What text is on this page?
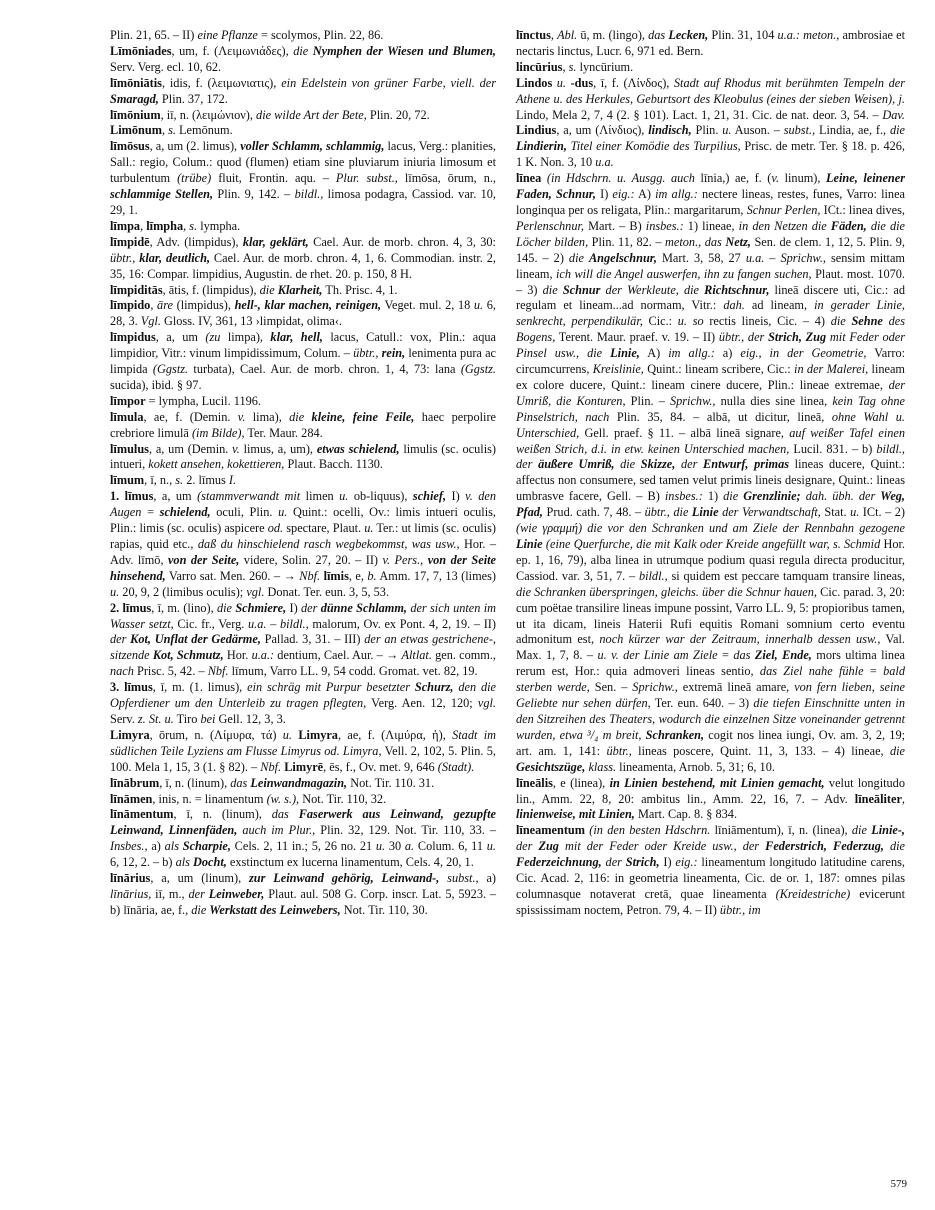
Plin. 21, 65. – II) eine Pflanze = scolymos, Plin. 22, 86.

Līmōniades, um, f. (Λειμωνιάδες), die Nymphen der Wiesen und Blumen, Serv. Verg. ecl. 10, 62.

līmōniātis, idis, f. (λειμωνιατις), ein Edelstein von grüner Farbe, viell. der Smaragd, Plin. 37, 172.

līmōnium, iī, n. (λειμώνιον), die wilde Art der Bete, Plin. 20, 72.

Limōnum, s. Lemōnum.

līmōsus, a, um (2. limus), voller Schlamm, schlammig, lacus, Verg.: planities, Sall.: regio, Colum.: quod (flumen) etiam sine pluviarum iniuria limosum et turbulentum (trübe) fluit, Frontin. aqu. – Plur. subst., līmōsa, ōrum, n., schlammige Stellen, Plin. 9, 142. – bildl., limosa podagra, Cassiod. var. 10, 29, 1.

līmpa, līmpha, s. lympha.

līmpidē, Adv. (limpidus), klar, geklärt, Cael. Aur. de morb. chron. 4, 3, 30: übtr., klar, deutlich, Cael. Aur. de morb. chron. 4, 1, 6. Commodian. instr. 2, 35, 16: Compar. limpidius, Augustin. de rhet. 20. p. 150, 8 H.

līmpiditās, ātis, f. (limpidus), die Klarheit, Th. Prisc. 4, 1.

līmpido, āre (limpidus), hell-, klar machen, reinigen, Veget. mul. 2, 18 u. 6, 28, 3. Vgl. Gloss. IV, 361, 13 ›limpidat, olima‹.

līmpidus, a, um (zu limpa), klar, hell, lacus, Catull.: vox, Plin.: aqua limpidior, Vitr.: vinum limpidissimum, Colum. – übtr., rein, lenimenta pura ac limpida (Ggstz. turbata), Cael. Aur. de morb. chron. 1, 4, 73: lana (Ggstz. sucida), ibid. § 97.

līmpor = lympha, Lucil. 1196.

līmula, ae, f. (Demin. v. lima), die kleine, feine Feile, haec perpolire crebriore limulā (im Bilde), Ter. Maur. 284.

līmulus, a, um (Demin. v. limus, a, um), etwas schielend, limulis (sc. oculis) intueri, kokett ansehen, kokettieren, Plaut. Bacch. 1130.

līmum, ī, n., s. 2. līmus I.

1. līmus, a, um (stammverwandt mit limen u. ob-liquus), schief, I) v. den Augen = schielend, oculi, Plin. u. Quint.: ocelli, Ov.: limis intueri oculis, Plin.: limis (sc. oculis) aspicere od. spectare, Plaut. u. Ter.: ut limis (sc. oculis) rapias, quid etc., daß du hinschielend rasch wegbekommst, was usw., Hor. – Adv. līmō, von der Seite, videre, Solin. 27, 20. – II) v. Pers., von der Seite hinsehend, Varro sat. Men. 260. – → Nbf. līmis, e, b. Amm. 17, 7, 13 (limes) u. 20, 9, 2 (limibus oculis); vgl. Donat. Ter. eun. 3, 5, 53.

2. līmus, ī, m. (lino), die Schmiere, I) der dünne Schlamm, der sich unten im Wasser setzt, Cic. fr., Verg. u.a. – bildl., malorum, Ov. ex Pont. 4, 2, 19. – II) der Kot, Unflat der Gedärme, Pallad. 3, 31. – III) der an etwas gestrichene-, sitzende Kot, Schmutz, Hor. u.a.: dentium, Cael. Aur. – → Altlat. gen. comm., nach Prisc. 5, 42. – Nbf. līmum, Varro LL. 9, 54 codd. Gromat. vet. 82, 19.

3. līmus, ī, m. (1. limus), ein schräg mit Purpur besetzter Schurz, den die Opferdiener um den Unterleib zu tragen pflegten, Verg. Aen. 12, 120; vgl. Serv. z. St. u. Tiro bei Gell. 12, 3, 3.

Limyra, ōrum, n. (Λίμυρα, τά) u. Limyra, ae, f. (Λιμύρα, ἡ), Stadt im südlichen Teile Lyziens am Flusse Limyrus od. Limyra, Vell. 2, 102, 5. Plin. 5, 100. Mela 1, 15, 3 (1. § 82). – Nbf. Limyrē, ēs, f., Ov. met. 9, 646 (Stadt).

līnābrum, ī, n. (linum), das Leinwandmagazin, Not. Tir. 110. 31.

līnāmen, inis, n. = linamentum (w. s.), Not. Tir. 110, 32.

līnāmentum, ī, n. (linum), das Faserwerk aus Leinwand, gezupfte Leinwand, Linnenfäden, auch im Plur., Plin. 32, 129. Not. Tir. 110, 33. – Insbes., a) als Scharpie, Cels. 2, 11 in.; 5, 26 no. 21 u. 30 a. Colum. 6, 11 u. 6, 12, 2. – b) als Docht, exstinctum ex lucerna linamentum, Cels. 4, 20, 1.

līnārius, a, um (linum), zur Leinwand gehörig, Leinwand-, subst., a) līnārius, iī, m., der Leinweber, Plaut. aul. 508 G. Corp. inscr. Lat. 5, 5923. – b) līnāria, ae, f., die Werkstatt des Leinwebers, Not. Tir. 110, 30.

līnctus, Abl. ū, m. (lingo), das Lecken, Plin. 31, 104 u.a.: meton., ambrosiae et nectaris linctus, Lucr. 6, 971 ed. Bern.

lincūrius, s. lyncūrium.

Lindos u. -dus, ī, f. (Λίνδος), Stadt auf Rhodus mit berühmten Tempeln der Athene u. des Herkules, Geburtsort des Kleobulus (eines der sieben Weisen), j. Lindo, Mela 2, 7, 4 (2. § 101). Lact. 1, 21, 31. Cic. de nat. deor. 3, 54. – Dav. Lindius, a, um (Λίνδιος), lindisch, Plin. u. Auson. – subst., Lindia, ae, f., die Lindierin, Titel einer Komödie des Turpilius, Prisc. de metr. Ter. § 18. p. 426, 1 K. Non. 3, 10 u.a.

līnea (in Hdschrn. u. Ausgg. auch līnia,) ae, f. (v. linum), Leine, leinener Faden, Schnur, I) eig.: A) im allg.: nectere lineas, restes, funes, Varro: linea longinqua per os religata, Plin.: margaritarum, Schnur Perlen, ICt.: lineа dives, Perlenschnur, Mart. – B) insbes.: 1) lineae, in den Netzen die Fäden, die die Löcher bilden, Plin. 11, 82. – meton., das Netz, Sen. de clem. 1, 12, 5. Plin. 9, 145. – 2) die Angelschnur, Mart. 3, 58, 27 u.a. – Sprichw., sensim mittam lineam, ich will die Angel auswerfen, ihn zu fangen suchen, Plaut. most. 1070. – 3) die Schnur der Werkleute, die Richtschnur, lineā discere uti, Cic.: ad regulam et lineam...ad normam, Vitr.: dah. ad lineam, in gerader Linie, senkrecht, perpendikulär, Cic.: u. so rectis lineis, Cic. – 4) die Sehne des Bogens, Terent. Maur. praef. v. 19. – II) übtr., der Strich, Zug mit Feder oder Pinsel usw., die Linie, A) im allg.: a) eig., in der Geometrie, Varro: circumcurrens, Kreislinie, Quint.: lineam scribere, Cic.: in der Malerei, lineam ex colore ducere, Quint.: lineam cinere ducere, Plin.: lineae extremae, der Umriß, die Konturen, Plin. – Sprichw., nulla dies sine linea, kein Tag ohne Pinselstrich, nach Plin. 35, 84. – albā, ut dicitur, lineā, ohne Wahl u. Unterschied, Gell. praef. § 11. – albā lineā signare, auf weißer Tafel einen weißen Strich, d.i. in etw. keinen Unterschied machen, Lucil. 831. – b) bildl., der äußere Umriß, die Skizze, der Entwurf, primas lineas ducere, Quint.: affectus non consumere, sed tamen velut primis lineis designare, Quint.: lineas umbrasve facere, Gell. – B) insbes.: 1) die Grenzlinie; dah. übh. der Weg, Pfad, Prud. cath. 7, 48. – übtr., die Linie der Verwandtschaft, Stat. u. ICt. – 2) (wie γραμμή) die vor den Schranken und am Ziele der Rennbahn gezogene Linie (eine Querfurche, die mit Kalk oder Kreide angefüllt war, s. Schmid Hor. ep. 1, 16, 79), alba linea in utrumque podium quasi regula directa producitur, Cassiod. var. 3, 51, 7. – bildl., si quidem est peccare tamquam transire lineas, die Schranken überspringen, gleichs. über die Schnur hauen, Cic. parad. 3, 20: cum poëtae transilire lineas impune possint, Varro LL. 9, 5: propioribus tamen, ut ita dicam, lineis Haterii Rufi equitis Romani somnium certo eventu admonitum est, noch kürzer war der Zeitraum, innerhalb dessen usw., Val. Max. 1, 7, 8. – u. v. der Linie am Ziele = das Ziel, Ende, mors ultima linea rerum est, Hor.: quia admoveri lineas sentio, das Ziel nahe fühle = bald sterben werde, Sen. – Sprichw., extremā lineā amare, von fern lieben, seine Geliebte nur sehen dürfen, Ter. eun. 640. – 3) die tiefen Einschnitte unten in den Sitzreihen des Theaters, wodurch die einzelnen Sitze voneinander getrennt wurden, etwa ³/₄ m breit, Schranken, cogit nos linea iungi, Ov. am. 3, 2, 19; art. am. 1, 141: übtr., lineas poscere, Quint. 11, 3, 133. – 4) lineae, die Gesichtszüge, klass. lineamenta, Arnob. 5, 31; 6, 10.

līneālis, e (linea), in Linien bestehend, mit Linien gemacht, velut longitudo lin., Amm. 22, 8, 20: ambitus lin., Amm. 22, 16, 7. – Adv. līneāliter, linienweise, mit Linien, Mart. Cap. 8. § 834.

līneamentum (in den besten Hdschrn. līniāmentum), ī, n. (linea), die Linie-, der Zug mit der Feder oder Kreide usw., der Federstrich, Federzug, die Federzeichnung, der Strich, I) eig.: lineamentum longitudo latitudine carens, Cic. Acad. 2, 116: in geometria lineamenta, Cic. de or. 1, 187: omnes pilas columnasque notaverat cretā, quae lineamenta (Kreidestriche) evicerunt spississimam noctem, Petron. 79, 4. – II) übtr., im

579
